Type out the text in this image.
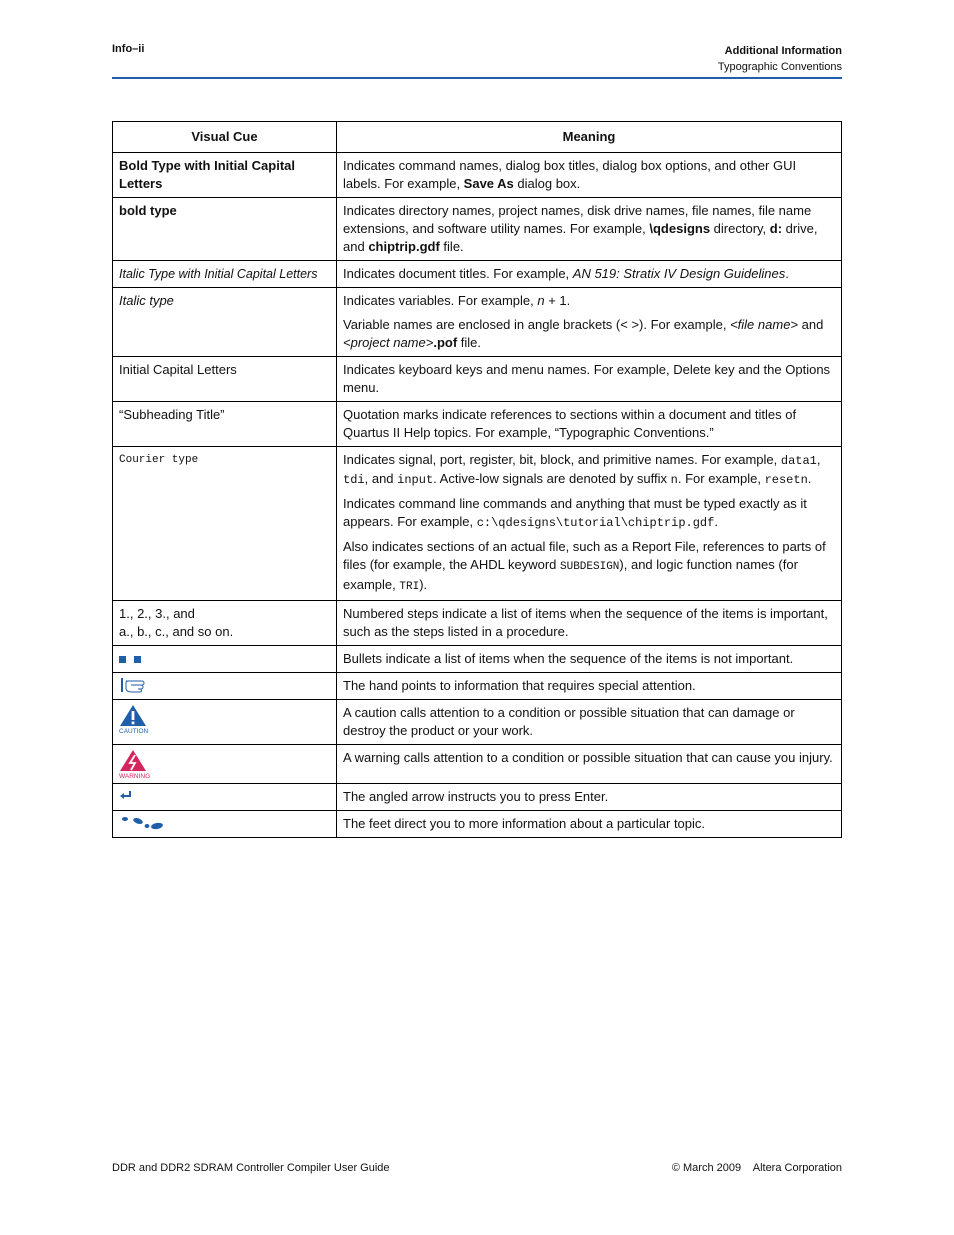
Info–ii	Additional Information
Typographic Conventions
Visual Cue	Meaning
Bold Type with Initial Capital Letters	Indicates command names, dialog box titles, dialog box options, and other GUI labels. For example, Save As dialog box.
bold type	Indicates directory names, project names, disk drive names, file names, file name extensions, and software utility names. For example, \qdesigns directory, d: drive, and chiptrip.gdf file.
Italic Type with Initial Capital Letters	Indicates document titles. For example, AN 519: Stratix IV Design Guidelines.
Italic type	Indicates variables. For example, n + 1.

Variable names are enclosed in angle brackets (< >). For example, <file name> and <project name>.pof file.

Initial Capital Letters	Indicates keyboard keys and menu names. For example, Delete key and the Options menu.
“Subheading Title”	Quotation marks indicate references to sections within a document and titles of Quartus II Help topics. For example, “Typographic Conventions.”
Courier type	Indicates signal, port, register, bit, block, and primitive names. For example, data1, tdi, and input. Active-low signals are denoted by suffix n. For example, resetn.

Indicates command line commands and anything that must be typed exactly as it appears. For example, c:\qdesigns\tutorial\chiptrip.gdf.

Also indicates sections of an actual file, such as a Report File, references to parts of files (for example, the AHDL keyword SUBDESIGN), and logic function names (for example, TRI).

1., 2., 3., and
a., b., c., and so on.	Numbered steps indicate a list of items when the sequence of the items is important, such as the steps listed in a procedure.
	Bullets indicate a list of items when the sequence of the items is not important.

	The hand points to information that requires special attention.

CAUTION	A caution calls attention to a condition or possible situation that can damage or destroy the product or your work.

WARNING	A warning calls attention to a condition or possible situation that can cause you injury.

	The angled arrow instructs you to press Enter.

	The feet direct you to more information about a particular topic.
DDR and DDR2 SDRAM Controller Compiler User Guide	© March 2009    Altera Corporation
